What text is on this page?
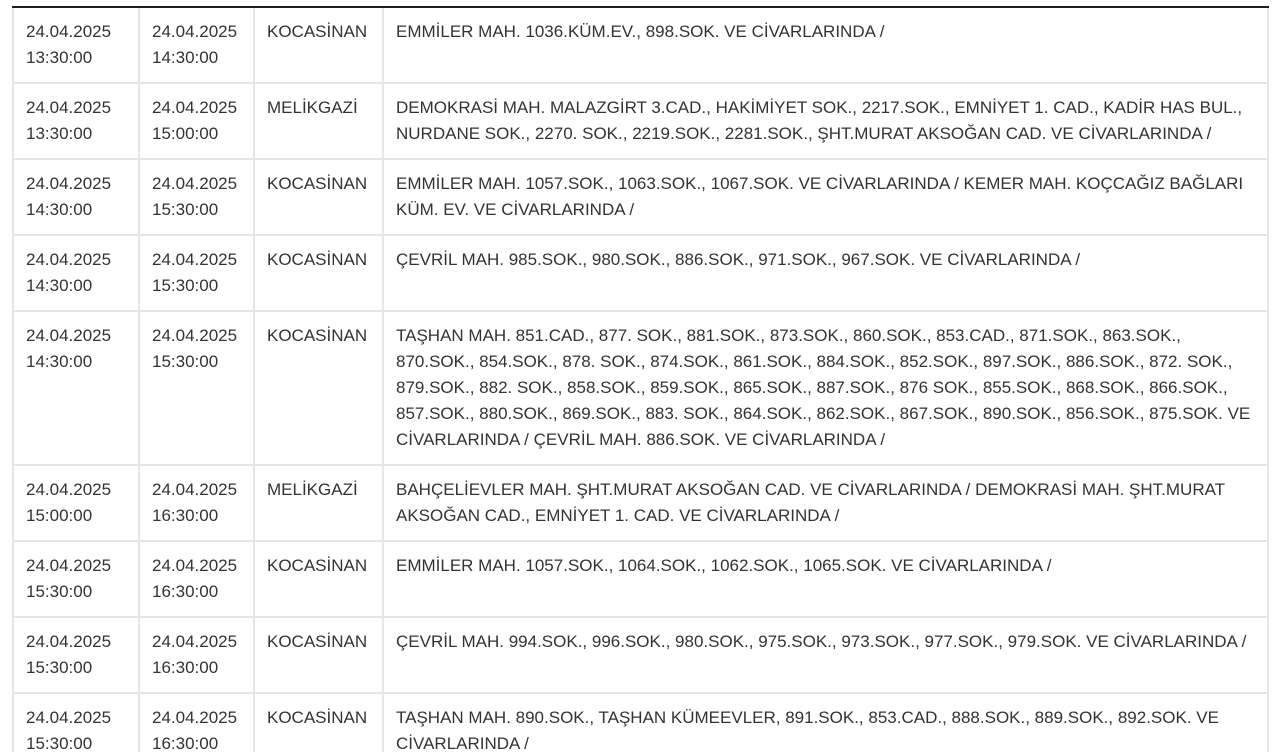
24.04.2025
13:30:00	24.04.2025
14:30:00	KOCASİNAN	EMMİLER MAH. 1036.KÜM.EV., 898.SOK. VE CİVARLARINDA /

24.04.2025
13:30:00	24.04.2025
15:00:00	MELİKGAZİ	DEMOKRASİ MAH. MALAZGİRT 3.CAD., HAKİMİYET SOK., 2217.SOK., EMNİYET 1. CAD., KADİR HAS BUL., NURDANE SOK., 2270. SOK., 2219.SOK., 2281.SOK., ŞHT.MURAT AKSOĞAN CAD. VE CİVARLARINDA /

24.04.2025
14:30:00	24.04.2025
15:30:00	KOCASİNAN	EMMİLER MAH. 1057.SOK., 1063.SOK., 1067.SOK. VE CİVARLARINDA / KEMER MAH. KOÇCAĞIZ BAĞLARI KÜM. EV. VE CİVARLARINDA /

24.04.2025
14:30:00	24.04.2025
15:30:00	KOCASİNAN	ÇEVRİL MAH. 985.SOK., 980.SOK., 886.SOK., 971.SOK., 967.SOK. VE CİVARLARINDA /

24.04.2025
14:30:00	24.04.2025
15:30:00	KOCASİNAN	TAŞHAN MAH. 851.CAD., 877. SOK., 881.SOK., 873.SOK., 860.SOK., 853.CAD., 871.SOK., 863.SOK., 870.SOK., 854.SOK., 878. SOK., 874.SOK., 861.SOK., 884.SOK., 852.SOK., 897.SOK., 886.SOK., 872. SOK., 879.SOK., 882. SOK., 858.SOK., 859.SOK., 865.SOK., 887.SOK., 876 SOK., 855.SOK., 868.SOK., 866.SOK., 857.SOK., 880.SOK., 869.SOK., 883. SOK., 864.SOK., 862.SOK., 867.SOK., 890.SOK., 856.SOK., 875.SOK. VE CİVARLARINDA / ÇEVRİL MAH. 886.SOK. VE CİVARLARINDA /

24.04.2025
15:00:00	24.04.2025
16:30:00	MELİKGAZİ	BAHÇELİEVLER MAH. ŞHT.MURAT AKSOĞAN CAD. VE CİVARLARINDA / DEMOKRASİ MAH. ŞHT.MURAT AKSOĞAN CAD., EMNİYET 1. CAD. VE CİVARLARINDA /

24.04.2025
15:30:00	24.04.2025
16:30:00	KOCASİNAN	EMMİLER MAH. 1057.SOK., 1064.SOK., 1062.SOK., 1065.SOK. VE CİVARLARINDA /

24.04.2025
15:30:00	24.04.2025
16:30:00	KOCASİNAN	ÇEVRİL MAH. 994.SOK., 996.SOK., 980.SOK., 975.SOK., 973.SOK., 977.SOK., 979.SOK. VE CİVARLARINDA /

24.04.2025
15:30:00	24.04.2025
16:30:00	KOCASİNAN	TAŞHAN MAH. 890.SOK., TAŞHAN KÜMEEVLER, 891.SOK., 853.CAD., 888.SOK., 889.SOK., 892.SOK. VE CİVARLARINDA /
